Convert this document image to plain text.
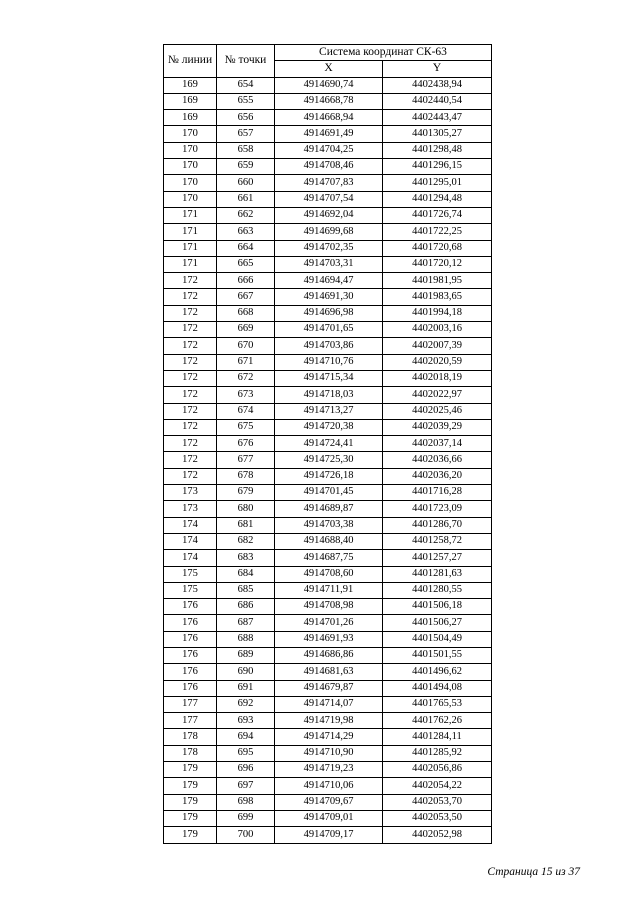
№ линии	№ точки	Система координат СК-63	
		X	Y
169	654	4914690,74	4402438,94
169	655	4914668,78	4402440,54
169	656	4914668,94	4402443,47
170	657	4914691,49	4401305,27
170	658	4914704,25	4401298,48
170	659	4914708,46	4401296,15
170	660	4914707,83	4401295,01
170	661	4914707,54	4401294,48
171	662	4914692,04	4401726,74
171	663	4914699,68	4401722,25
171	664	4914702,35	4401720,68
171	665	4914703,31	4401720,12
172	666	4914694,47	4401981,95
172	667	4914691,30	4401983,65
172	668	4914696,98	4401994,18
172	669	4914701,65	4402003,16
172	670	4914703,86	4402007,39
172	671	4914710,76	4402020,59
172	672	4914715,34	4402018,19
172	673	4914718,03	4402022,97
172	674	4914713,27	4402025,46
172	675	4914720,38	4402039,29
172	676	4914724,41	4402037,14
172	677	4914725,30	4402036,66
172	678	4914726,18	4402036,20
173	679	4914701,45	4401716,28
173	680	4914689,87	4401723,09
174	681	4914703,38	4401286,70
174	682	4914688,40	4401258,72
174	683	4914687,75	4401257,27
175	684	4914708,60	4401281,63
175	685	4914711,91	4401280,55
176	686	4914708,98	4401506,18
176	687	4914701,26	4401506,27
176	688	4914691,93	4401504,49
176	689	4914686,86	4401501,55
176	690	4914681,63	4401496,62
176	691	4914679,87	4401494,08
177	692	4914714,07	4401765,53
177	693	4914719,98	4401762,26
178	694	4914714,29	4401284,11
178	695	4914710,90	4401285,92
179	696	4914719,23	4402056,86
179	697	4914710,06	4402054,22
179	698	4914709,67	4402053,70
179	699	4914709,01	4402053,50
179	700	4914709,17	4402052,98
Страница 15 из 37
